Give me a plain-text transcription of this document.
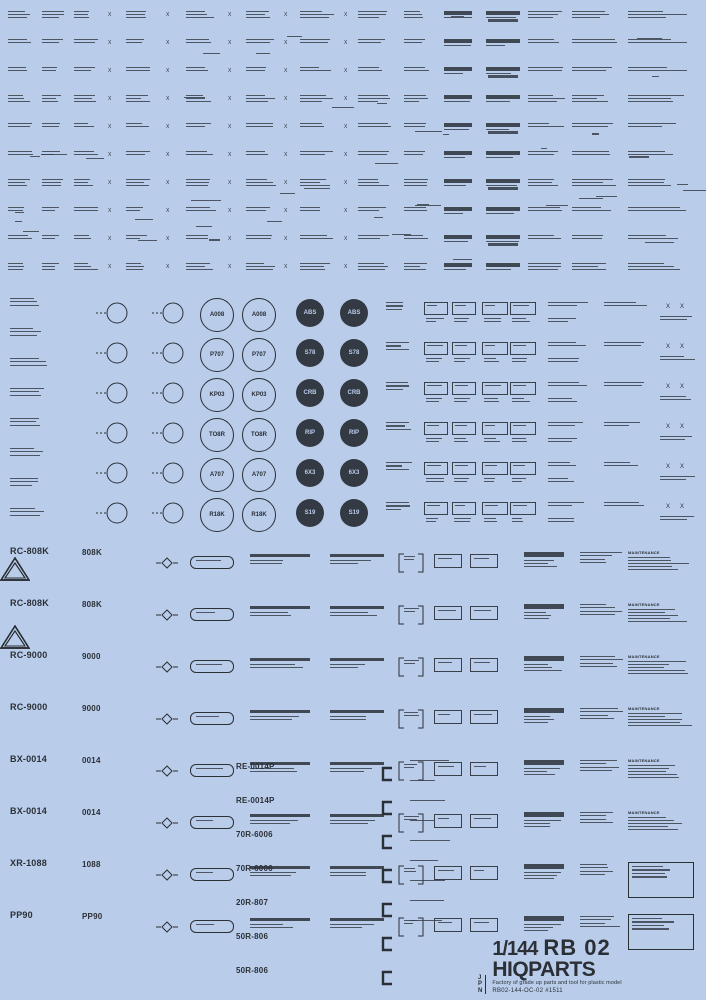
X	X	X	X	X
X	X	X	X	X
X	X	X	X	X
X	X	X	X	X
X	X	X	X	X
X	X	X	X	X
X	X	X	X	X
X	X	X	X	X
X	X	X	X	X
X	X	X	X	X
A008	A008	ABS	ABS
P707	P707	S78	S78
KP03	KP03	CRB	CRB
TO8R	TO8R	RIP	RIP
A707	A707	6X3	6X3
R18K	R18K	S19	S19
X X
X X
X X
X X
X X
X X
RC-808K	808K	MAINTENANCE
RC-808K	808K	MAINTENANCE
RC-9000	9000	MAINTENANCE
RC-9000	9000	MAINTENANCE
BX-0014	0014	MAINTENANCE
BX-0014	0014	MAINTENANCE
XR-1088	1088
PP90	PP90
RE-0014P
RE-0014P
70R-6006
70R-6006
20R-807
50R-806
50R-806
J
P
N
1/144 RB 02
HIQPARTS
Factory of grade up parts and tool for plastic model
RB02-144-OC-02 #1511
